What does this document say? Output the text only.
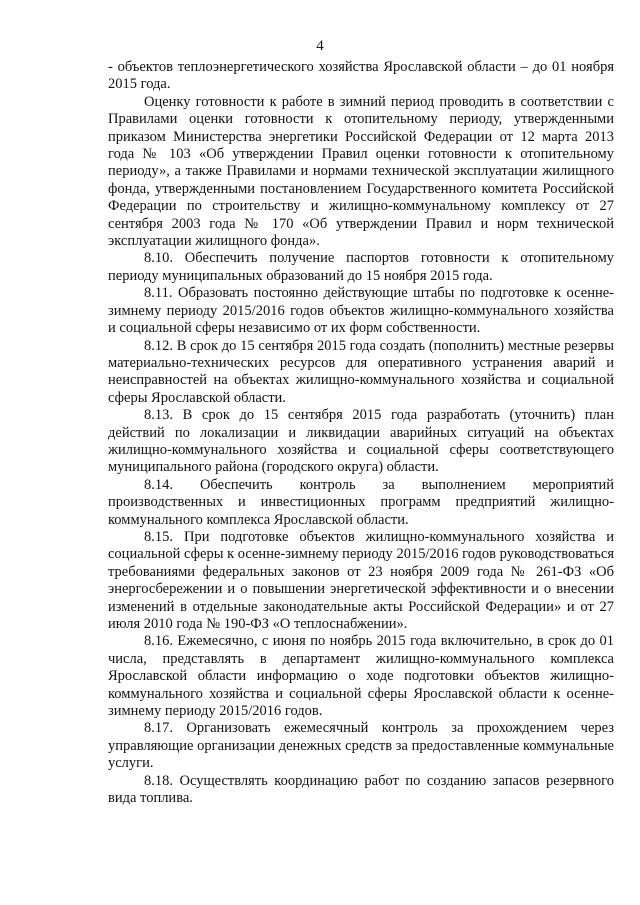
4

- объектов теплоэнергетического хозяйства Ярославской области – до 01 ноября 2015 года.

Оценку готовности к работе в зимний период проводить в соответствии с Правилами оценки готовности к отопительному периоду, утвержденными приказом Министерства энергетики Российской Федерации от 12 марта 2013 года № 103 «Об утверждении Правил оценки готовности к отопительному периоду», а также Правилами и нормами технической эксплуатации жилищного фонда, утвержденными постановлением Государственного комитета Российской Федерации по строительству и жилищно-коммунальному комплексу от 27 сентября 2003 года № 170 «Об утверждении Правил и норм технической эксплуатации жилищного фонда».

8.10. Обеспечить получение паспортов готовности к отопительному периоду муниципальных образований до 15 ноября 2015 года.

8.11. Образовать постоянно действующие штабы по подготовке к осенне-зимнему периоду 2015/2016 годов объектов жилищно-коммунального хозяйства и социальной сферы независимо от их форм собственности.

8.12. В срок до 15 сентября 2015 года создать (пополнить) местные резервы материально-технических ресурсов для оперативного устранения аварий и неисправностей на объектах жилищно-коммунального хозяйства и социальной сферы Ярославской области.

8.13. В срок до 15 сентября 2015 года разработать (уточнить) план действий по локализации и ликвидации аварийных ситуаций на объектах жилищно-коммунального хозяйства и социальной сферы соответствующего муниципального района (городского округа) области.

8.14. Обеспечить контроль за выполнением мероприятий производственных и инвестиционных программ предприятий жилищно-коммунального комплекса Ярославской области.

8.15. При подготовке объектов жилищно-коммунального хозяйства и социальной сферы к осенне-зимнему периоду 2015/2016 годов руководствоваться требованиями федеральных законов от 23 ноября 2009 года № 261-ФЗ «Об энергосбережении и о повышении энергетической эффективности и о внесении изменений в отдельные законодательные акты Российской Федерации» и от 27 июля 2010 года № 190-ФЗ «О теплоснабжении».

8.16. Ежемесячно, с июня по ноябрь 2015 года включительно, в срок до 01 числа, представлять в департамент жилищно-коммунального комплекса Ярославской области информацию о ходе подготовки объектов жилищно-коммунального хозяйства и социальной сферы Ярославской области к осенне-зимнему периоду 2015/2016 годов.

8.17. Организовать ежемесячный контроль за прохождением через управляющие организации денежных средств за предоставленные коммунальные услуги.

8.18. Осуществлять координацию работ по созданию запасов резервного вида топлива.
